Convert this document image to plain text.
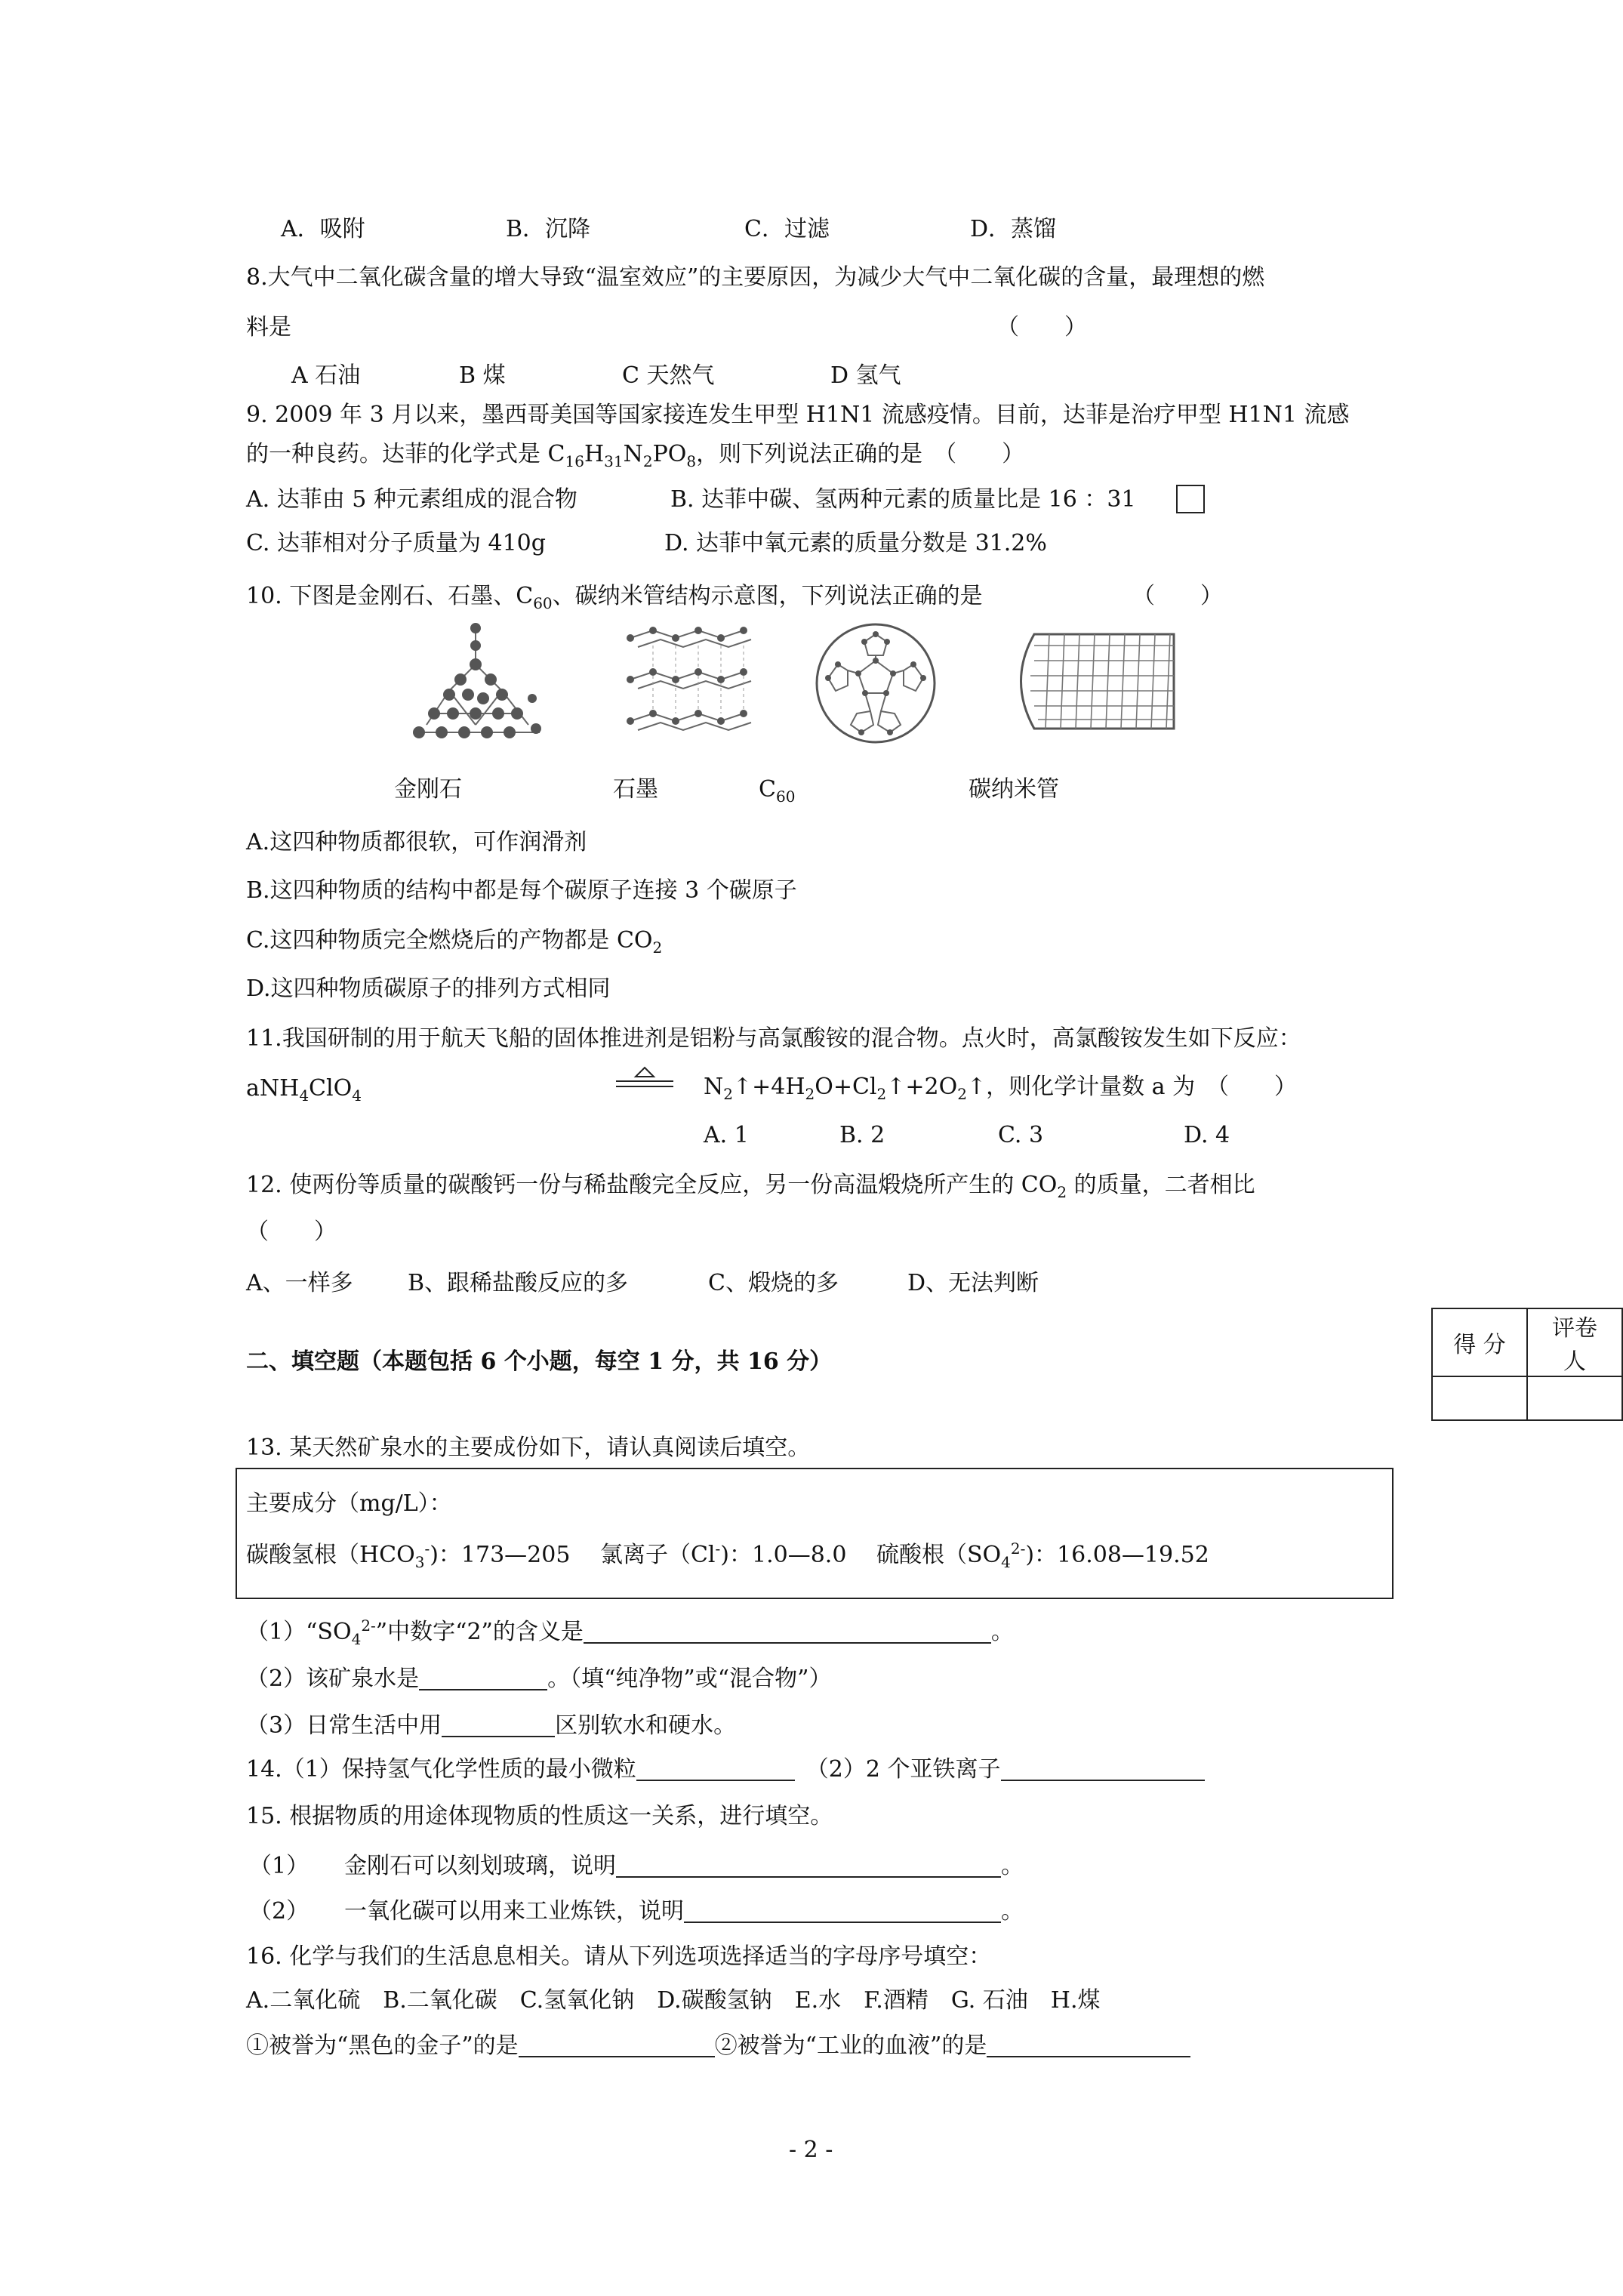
A．吸附	B．沉降	C．过滤	D．蒸馏
8.大气中二氧化碳含量的增大导致“温室效应”的主要原因，为减少大气中二氧化碳的含量，最理想的燃
料是	（　　）
A 石油	B 煤	C 天然气	D 氢气
9. 2009 年 3 月以来，墨西哥美国等国家接连发生甲型 H1N1 流感疫情。目前，达菲是治疗甲型 H1N1 流感
的一种良药。达菲的化学式是 $C_{16}H_{31}N_2PO_8$，则下列说法正确的是　（　　）
A. 达菲由 5 种元素组成的混合物	B. 达菲中碳、氢两种元素的质量比是 16 ：31
C. 达菲相对分子质量为 410g	D. 达菲中氧元素的质量分数是 31.2%
10. 下图是金刚石、石墨、$C_{60}$、碳纳米管结构示意图，下列说法正确的是	（　　）
金刚石	石墨	$C_{60}$	碳纳米管
A.这四种物质都很软，可作润滑剂
B.这四种物质的结构中都是每个碳原子连接 3 个碳原子
C.这四种物质完全燃烧后的产物都是 $CO_2$
D.这四种物质碳原子的排列方式相同
11.我国研制的用于航天飞船的固体推进剂是铝粉与高氯酸铵的混合物。点火时，高氯酸铵发生如下反应：
aNH$_4$ClO$_4$	$N_2↑+4H_2O+Cl_2↑+2O_2↑$，则化学计量数 a 为 （　　）
A. 1	B. 2	C. 3	D. 4
12. 使两份等质量的碳酸钙一份与稀盐酸完全反应，另一份高温煅烧所产生的 $CO_2$ 的质量，二者相比
（　　）
A、一样多 B、跟稀盐酸反应的多	C、煅烧的多	D、无法判断
得 分	评卷人

二、填空题（本题包括 6 个小题，每空 1 分，共 16 分）
13. 某天然矿泉水的主要成份如下，请认真阅读后填空。
主要成分（mg/L）：
碳酸氢根$(HCO_3^-)$：173—205　 氯离子（Cl-)：1.0—8.0　 硫酸根$(SO_4^{2-})$：16.08—19.52
$(1)“SO_4^{2-}$”中数字“2”的含义是	。
（2）该矿泉水是	。（填“纯净物”或“混合物”）
（3）日常生活中用	区别软水和硬水。
14.（1）保持氢气化学性质的最小微粒　	（2）2 个亚铁离子
15. 根据物质的用途体现物质的性质这一关系，进行填空。
（1） 金刚石可以刻划玻璃，说明	。
（2） 一氧化碳可以用来工业炼铁，说明	。
16. 化学与我们的生活息息相关。请从下列选项选择适当的字母序号填空：
A.二氧化硫　B.二氧化碳　C.氢氧化钠　D.碳酸氢钠　E.水　F.酒精　G. 石油　H.煤
①被誉为“黑色的金子”的是	②被誉为“工业的血液”的是
- 2 -
